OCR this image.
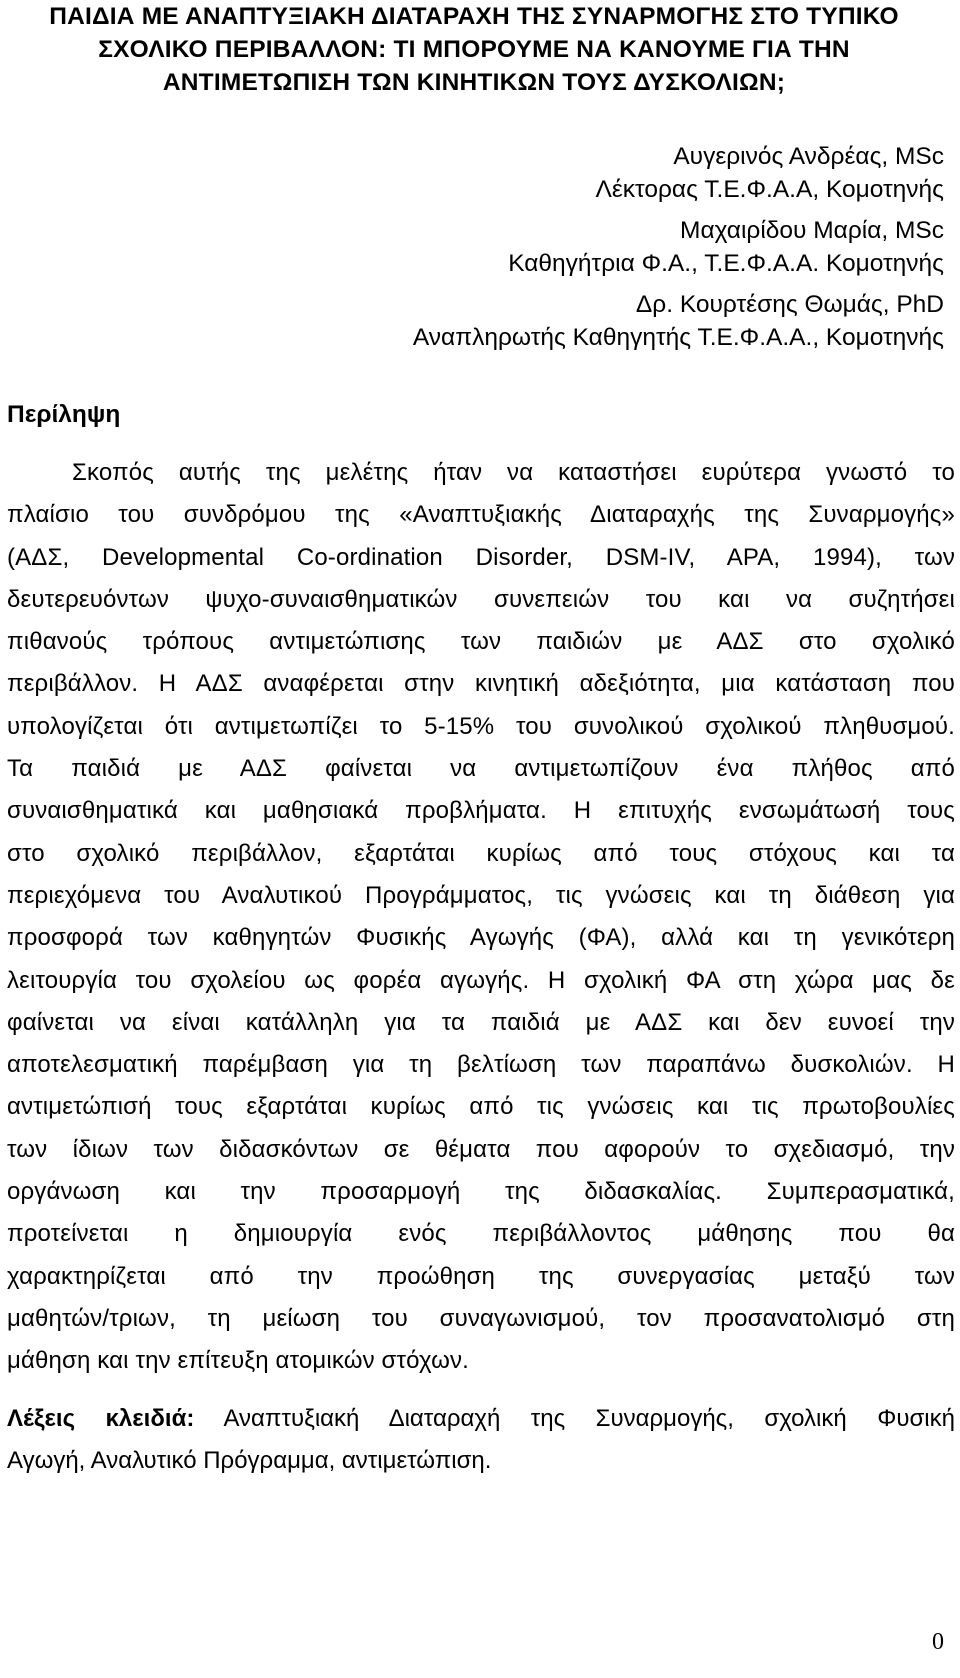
ΠΑΙΔΙΑ ΜΕ ΑΝΑΠΤΥΞΙΑΚΗ ΔΙΑΤΑΡΑΧΗ ΤΗΣ ΣΥΝΑΡΜΟΓΗΣ ΣΤΟ ΤΥΠΙΚΟ
ΣΧΟΛΙΚΟ ΠΕΡΙΒΑΛΛΟΝ: ΤΙ ΜΠΟΡΟΥΜΕ ΝΑ ΚΑΝΟΥΜΕ ΓΙΑ ΤΗΝ
ΑΝΤΙΜΕΤΩΠΙΣΗ ΤΩΝ ΚΙΝΗΤΙΚΩΝ ΤΟΥΣ ΔΥΣΚΟΛΙΩΝ;
Αυγερινός Ανδρέας, MSc
Λέκτορας Τ.Ε.Φ.Α.Α, Κομοτηνής
Μαχαιρίδου Μαρία, MSc
Καθηγήτρια Φ.Α., Τ.Ε.Φ.Α.Α. Κομοτηνής
Δρ. Κουρτέσης Θωμάς, PhD
Αναπληρωτής Καθηγητής Τ.Ε.Φ.Α.Α., Κομοτηνής
Περίληψη
Σκοπός αυτής της μελέτης ήταν να καταστήσει ευρύτερα γνωστό το
πλαίσιο του συνδρόμου της «Αναπτυξιακής Διαταραχής της Συναρμογής»
(ΑΔΣ, Developmental Co-ordination Disorder, DSM-IV, APA, 1994), των
δευτερευόντων ψυχο-συναισθηματικών συνεπειών του και να συζητήσει
πιθανούς τρόπους αντιμετώπισης των παιδιών με ΑΔΣ στο σχολικό
περιβάλλον. Η ΑΔΣ αναφέρεται στην κινητική αδεξιότητα, μια κατάσταση που
υπολογίζεται ότι αντιμετωπίζει το 5-15% του συνολικού σχολικού πληθυσμού.
Τα παιδιά με ΑΔΣ φαίνεται να αντιμετωπίζουν ένα πλήθος από
συναισθηματικά και μαθησιακά προβλήματα. Η επιτυχής ενσωμάτωσή τους
στο σχολικό περιβάλλον, εξαρτάται κυρίως από τους στόχους και τα
περιεχόμενα του Αναλυτικού Προγράμματος, τις γνώσεις και τη διάθεση για
προσφορά των καθηγητών Φυσικής Αγωγής (ΦΑ), αλλά και τη γενικότερη
λειτουργία του σχολείου ως φορέα αγωγής. Η σχολική ΦΑ στη χώρα μας δε
φαίνεται να είναι κατάλληλη για τα παιδιά με ΑΔΣ και δεν ευνοεί την
αποτελεσματική παρέμβαση για τη βελτίωση των παραπάνω δυσκολιών. Η
αντιμετώπισή τους εξαρτάται κυρίως από τις γνώσεις και τις πρωτοβουλίες
των ίδιων των διδασκόντων σε θέματα που αφορούν το σχεδιασμό, την
οργάνωση και την προσαρμογή της διδασκαλίας. Συμπερασματικά,
προτείνεται η δημιουργία ενός περιβάλλοντος μάθησης που θα
χαρακτηρίζεται από την προώθηση της συνεργασίας μεταξύ των
μαθητών/τριων, τη μείωση του συναγωνισμού, τον προσανατολισμό στη
μάθηση και την επίτευξη ατομικών στόχων.
Λέξεις κλειδιά: Αναπτυξιακή Διαταραχή της Συναρμογής, σχολική Φυσική
Αγωγή, Αναλυτικό Πρόγραμμα, αντιμετώπιση.
0
